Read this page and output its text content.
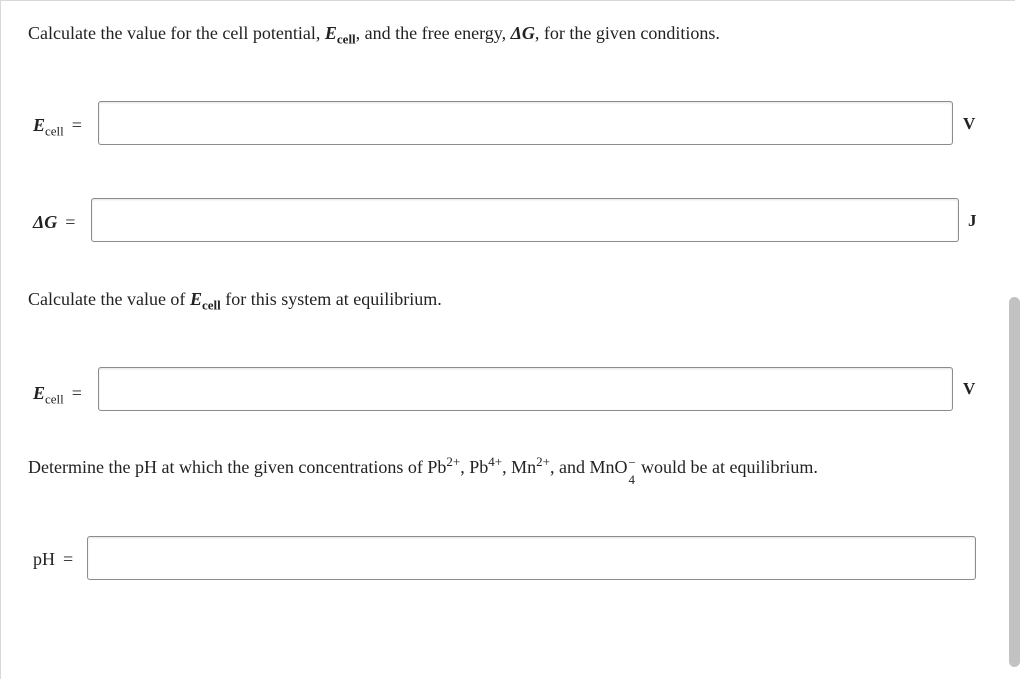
Calculate the value for the cell potential, $E_{cell}$, and the free energy, ΔG, for the given conditions.
$E_{cell}$ =	V
ΔG =	J
Calculate the value of $E_{cell}$ for this system at equilibrium.
$E_{cell}$ =	V
Determine the pH at which the given concentrations of $Pb^{2+}$, $Pb^{4+}$, $Mn^{2+}$, and MnO −
4
would be at equilibrium.
pH =
